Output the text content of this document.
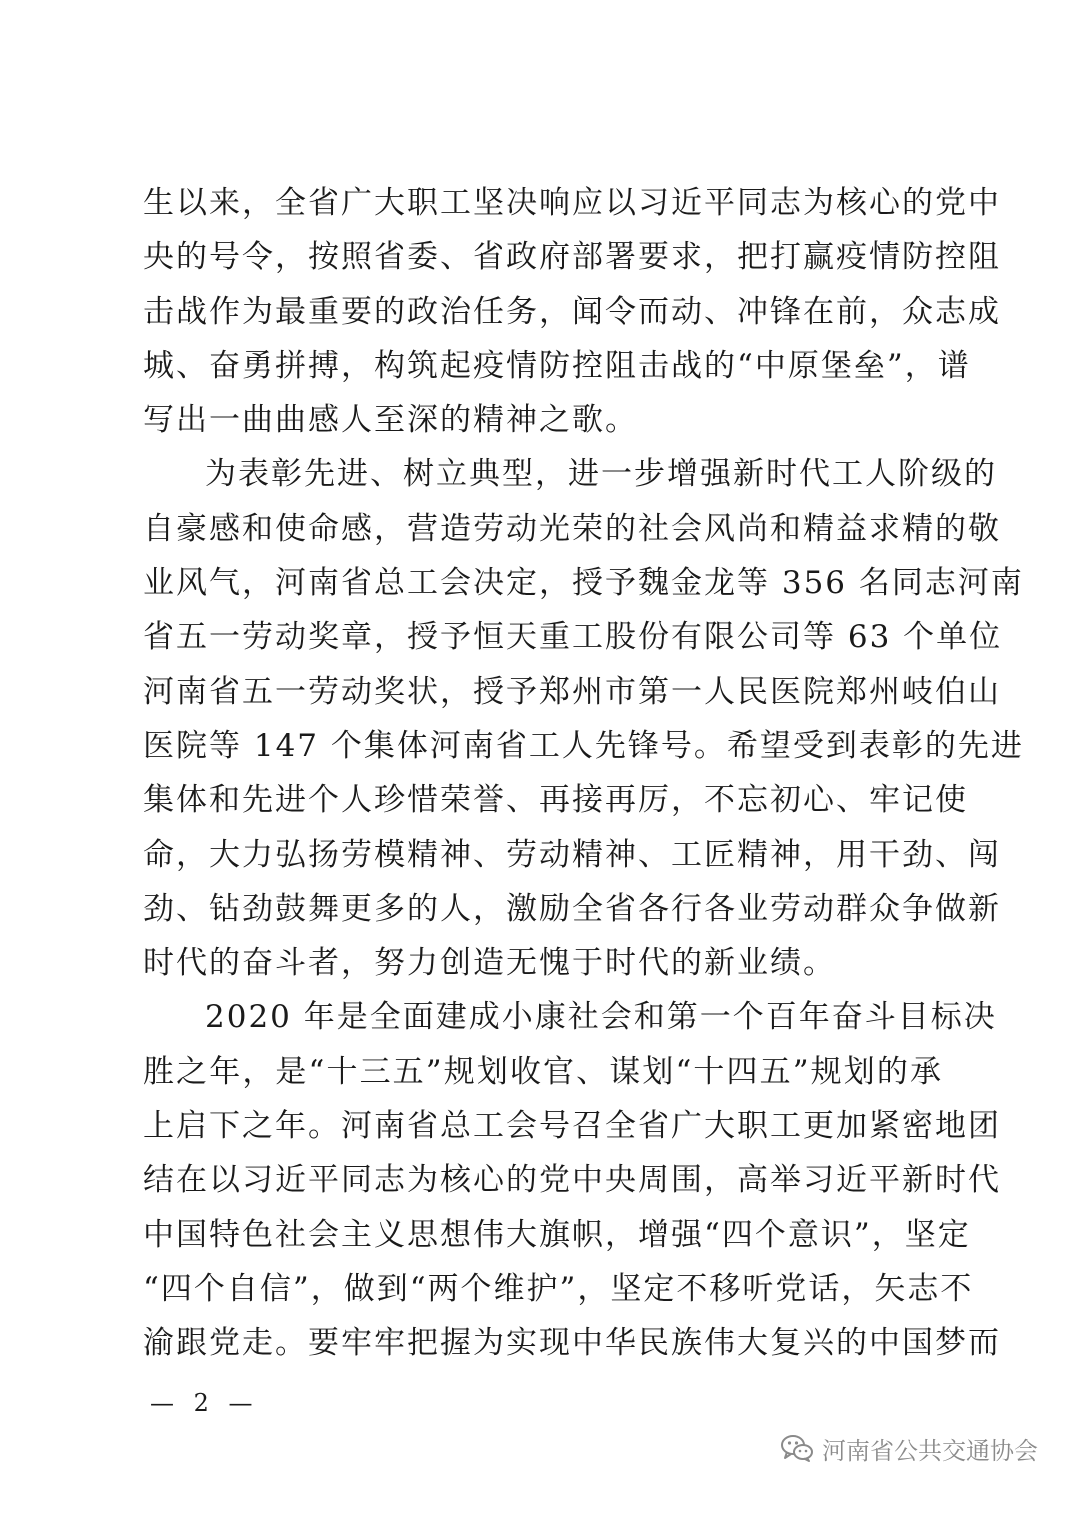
生以来，全省广大职工坚决响应以习近平同志为核心的党中
央的号令，按照省委、省政府部署要求，把打赢疫情防控阻
击战作为最重要的政治任务，闻令而动、冲锋在前，众志成
城、奋勇拼搏，构筑起疫情防控阻击战的“中原堡垒”，谱
写出一曲曲感人至深的精神之歌。
为表彰先进、树立典型，进一步增强新时代工人阶级的
自豪感和使命感，营造劳动光荣的社会风尚和精益求精的敬
业风气，河南省总工会决定，授予魏金龙等 356 名同志河南
省五一劳动奖章，授予恒天重工股份有限公司等 63 个单位
河南省五一劳动奖状，授予郑州市第一人民医院郑州岐伯山
医院等 147 个集体河南省工人先锋号。希望受到表彰的先进
集体和先进个人珍惜荣誉、再接再厉，不忘初心、牢记使
命，大力弘扬劳模精神、劳动精神、工匠精神，用干劲、闯
劲、钻劲鼓舞更多的人，激励全省各行各业劳动群众争做新
时代的奋斗者，努力创造无愧于时代的新业绩。
2020 年是全面建成小康社会和第一个百年奋斗目标决
胜之年，是“十三五”规划收官、谋划“十四五”规划的承
上启下之年。河南省总工会号召全省广大职工更加紧密地团
结在以习近平同志为核心的党中央周围，高举习近平新时代
中国特色社会主义思想伟大旗帜，增强“四个意识”，坚定
“四个自信”，做到“两个维护”，坚定不移听党话，矢志不
渝跟党走。要牢牢把握为实现中华民族伟大复兴的中国梦而
— 2 —
河南省公共交通协会
